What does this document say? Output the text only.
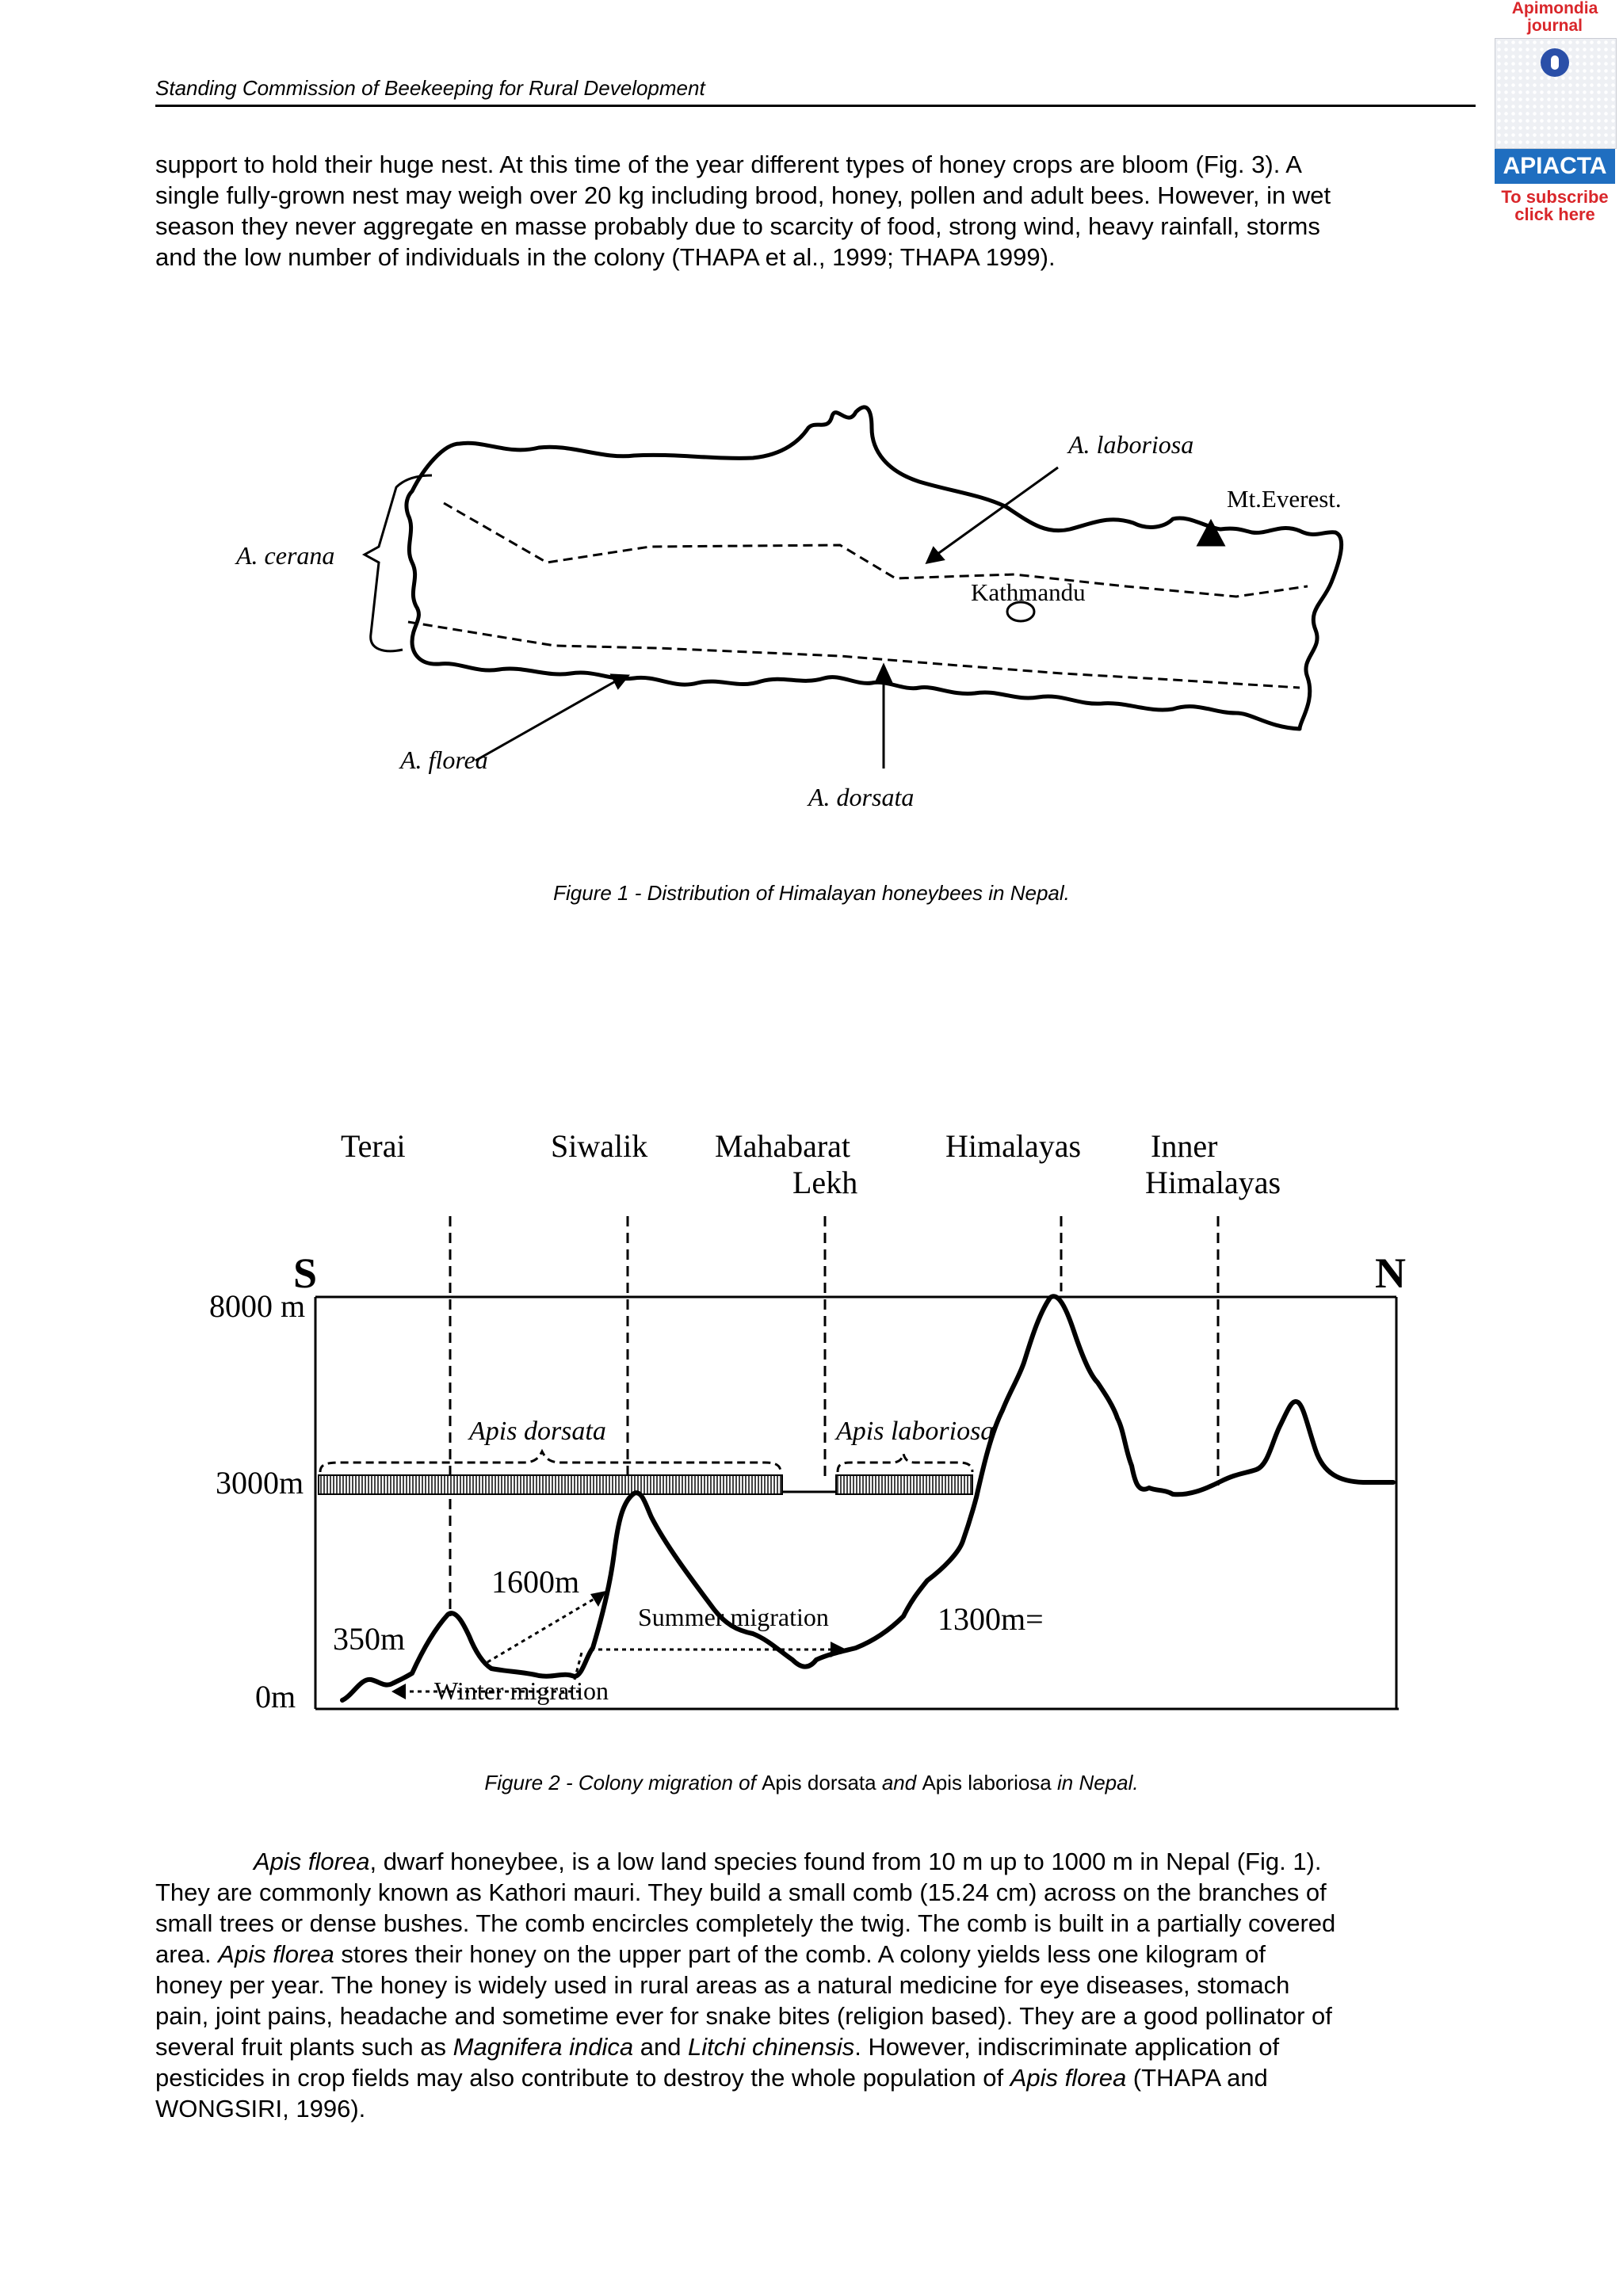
Standing Commission of Beekeeping for Rural Development
Apimondia
journal
APIACTA
To subscribe
click here
support to hold their huge nest. At this time of the year different types of honey crops are bloom (Fig. 3). A
single fully-grown nest may weigh over 20 kg including brood, honey, pollen and adult bees. However, in wet
season they never aggregate en masse probably due to scarcity of food, strong wind, heavy rainfall, storms
and the low number of individuals in the colony (THAPA et al., 1999; THAPA 1999).
A. laboriosa
A. cerana
A. florea
A. dorsata
Mt.Everest.
Kathmandu
Figure 1 - Distribution of Himalayan honeybees in Nepal.
Terai	Siwalik Mahabarat
Lekh
Himalayas Inner
Himalayas
8000 m
3000m
0m
1600m
350m
1300m=
S	N
Apis dorsata	Apis laboriosa
Summer migration
Winter migration
Figure 2 - Colony migration of Apis dorsata and Apis laboriosa in Nepal.
Apis florea, dwarf honeybee, is a low land species found from 10 m up to 1000 m in Nepal (Fig. 1).
They are commonly known as Kathori mauri. They build a small comb (15.24 cm) across on the branches of
small trees or dense bushes. The comb encircles completely the twig. The comb is built in a partially covered
area. Apis florea stores their honey on the upper part of the comb. A colony yields less one kilogram of
honey per year. The honey is widely used in rural areas as a natural medicine for eye diseases, stomach
pain, joint pains, headache and sometime ever for snake bites (religion based). They are a good pollinator of
several fruit plants such as Magnifera indica and Litchi chinensis. However, indiscriminate application of
pesticides in crop fields may also contribute to destroy the whole population of Apis florea (THAPA and
WONGSIRI, 1996).
